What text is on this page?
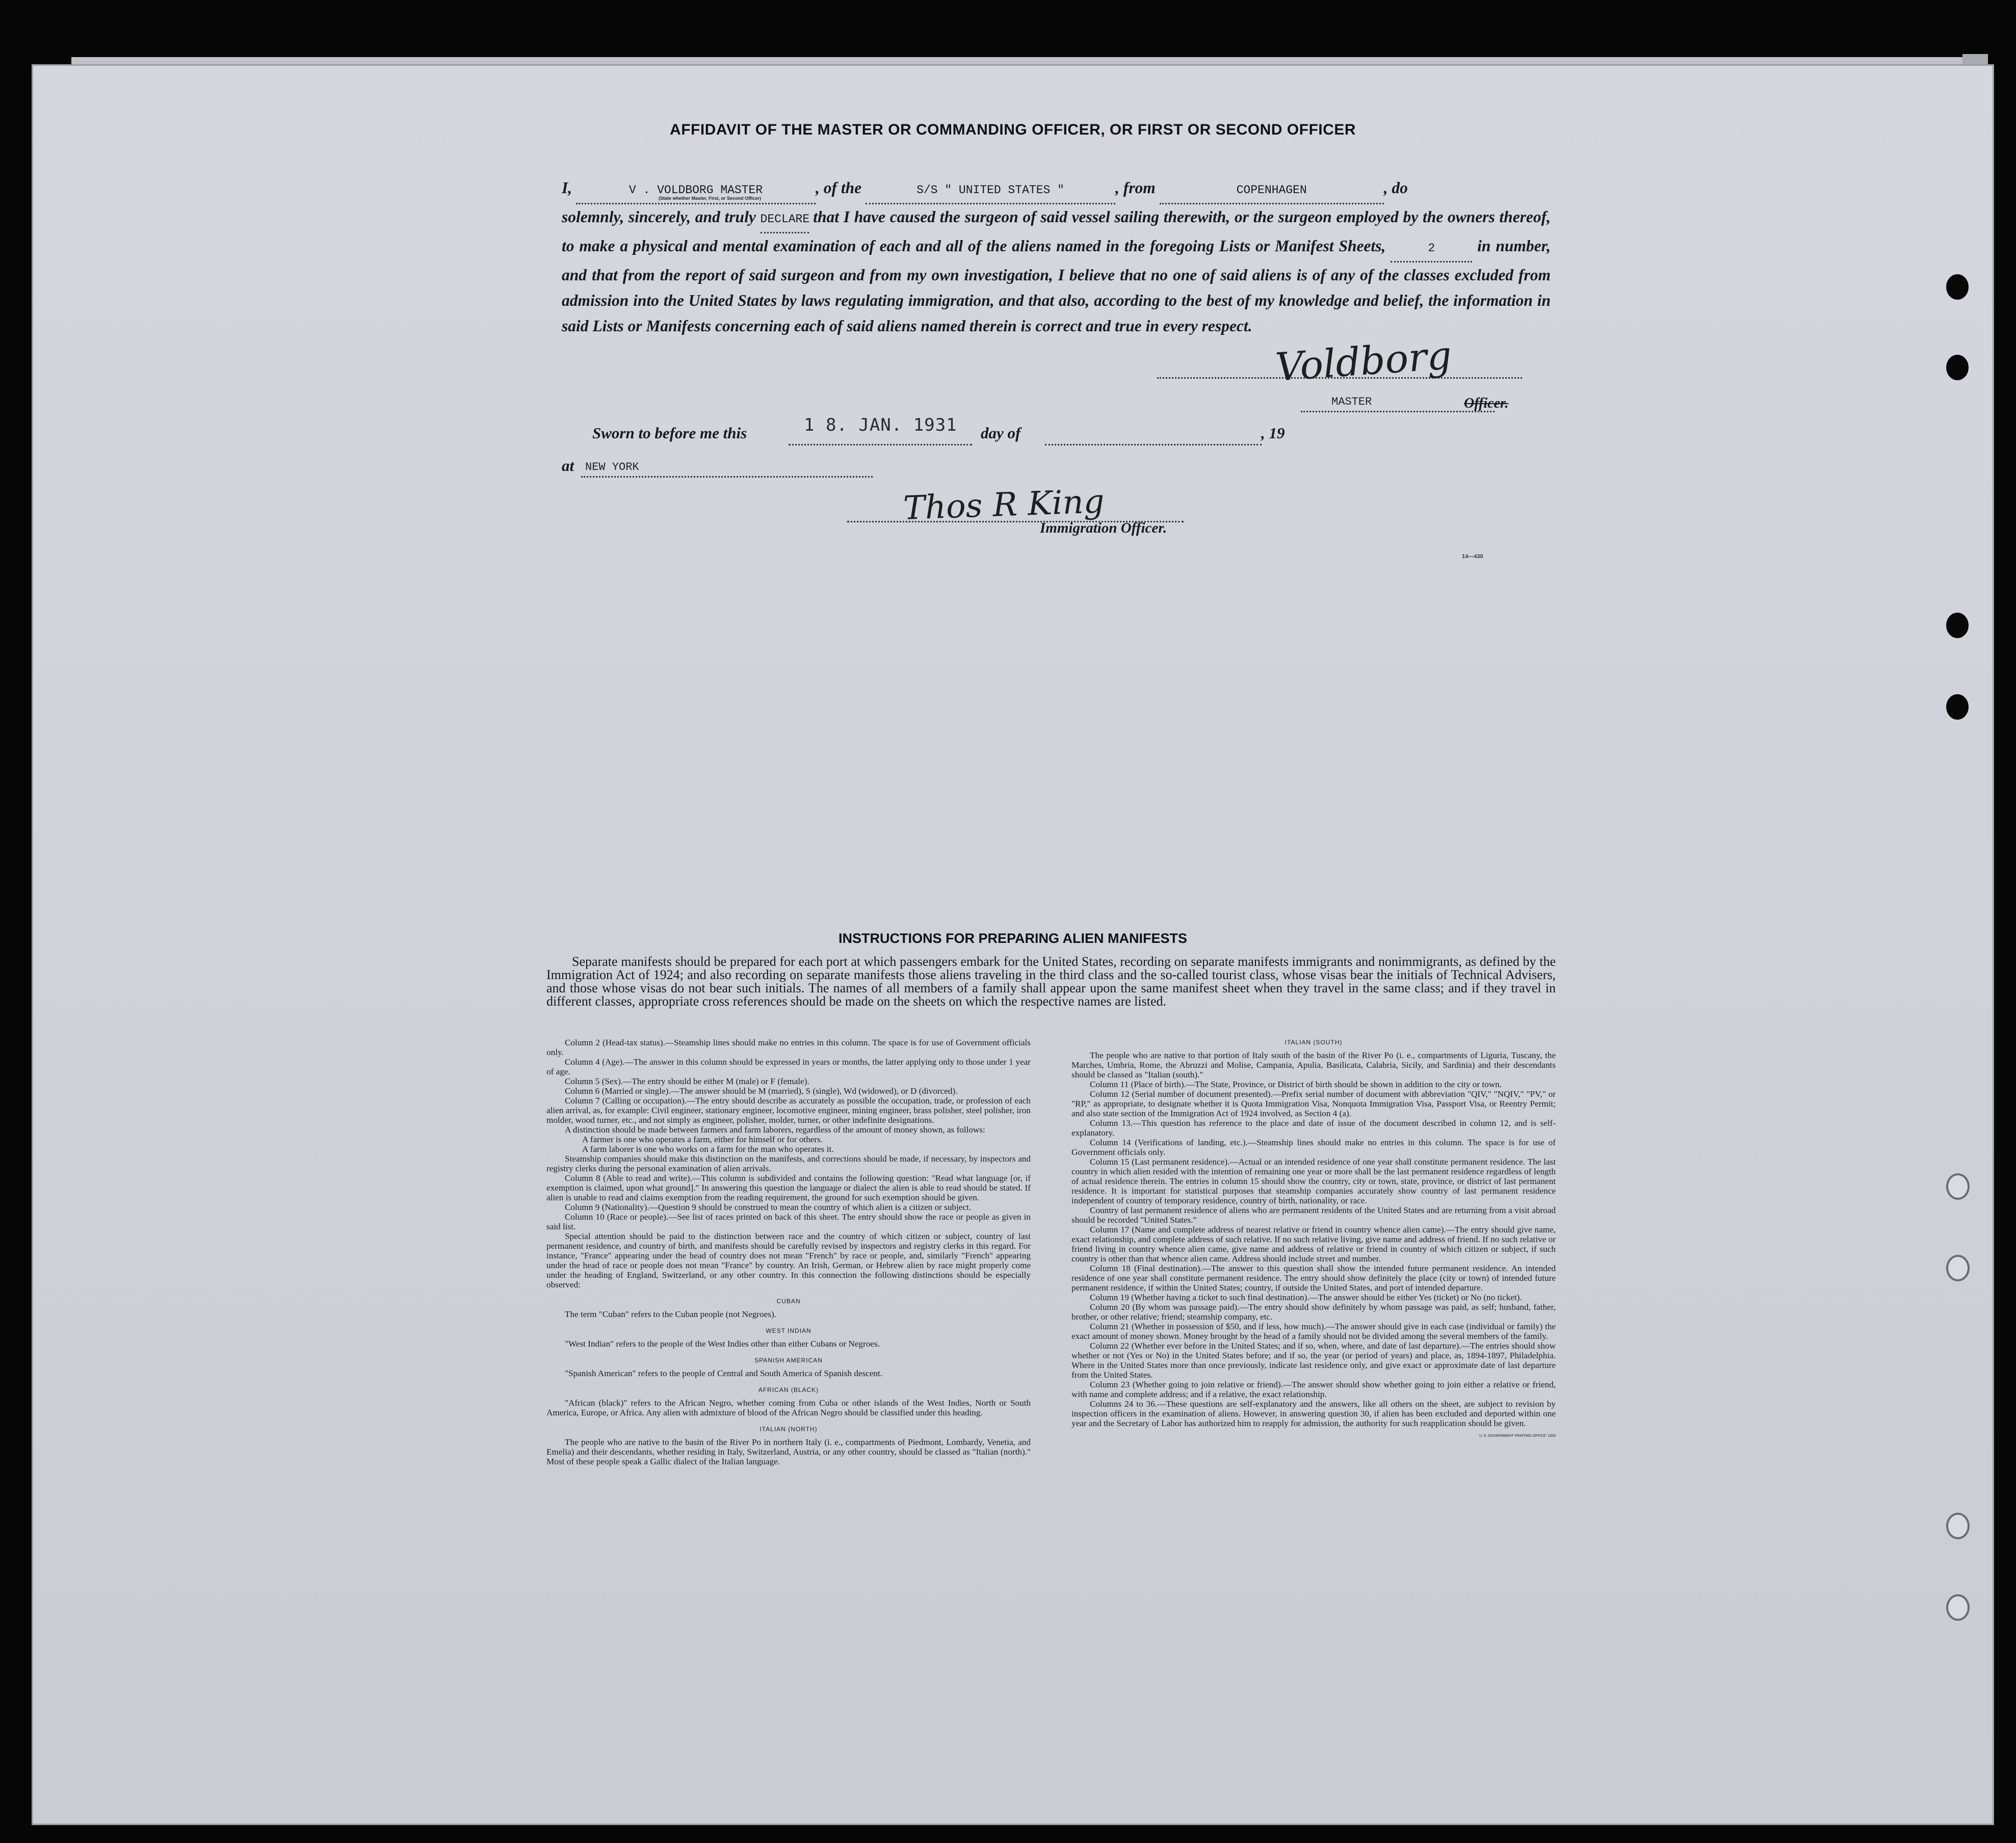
AFFIDAVIT OF THE MASTER OR COMMANDING OFFICER, OR FIRST OR SECOND OFFICER
I,	V . VOLDBORG MASTER	, of the	S/S " UNITED STATES "	, from	COPENHAGEN	, do
solemnly, sincerely, and truly DECLARE that I have caused the surgeon of said vessel sailing therewith, or the surgeon employed by the owners thereof, to make a physical and mental examination of each and all of the aliens named in the foregoing Lists or Manifest Sheets,	2	in number, and that from the report of said surgeon and from my own investigation, I believe that no one of said aliens is of any of the classes excluded from admission into the United States by laws regulating immigration, and that also, according to the best of my knowledge and belief, the information in said Lists or Manifests concerning each of said aliens named therein is correct and true in every respect.
(State whether Master, First, or Second Officer)
Voldborg
MASTER	Officer.
Sworn to before me this	1 8. JAN. 1931 day of	, 19
at NEW YORK
Thos R King
Immigration Officer.
14—430
INSTRUCTIONS FOR PREPARING ALIEN MANIFESTS
Separate manifests should be prepared for each port at which passengers embark for the United States, recording on separate manifests immigrants and nonimmigrants, as defined by the Immigration Act of 1924; and also recording on separate manifests those aliens traveling in the third class and the so-called tourist class, whose visas bear the initials of Technical Advisers, and those whose visas do not bear such initials. The names of all members of a family shall appear upon the same manifest sheet when they travel in the same class; and if they travel in different classes, appropriate cross references should be made on the sheets on which the respective names are listed.

Column 2 (Head-tax status).—Steamship lines should make no entries in this column. The space is for use of Government officials only.

Column 4 (Age).—The answer in this column should be expressed in years or months, the latter applying only to those under 1 year of age.

Column 5 (Sex).—The entry should be either M (male) or F (female).

Column 6 (Married or single).—The answer should be M (married), S (single), Wd (widowed), or D (divorced).

Column 7 (Calling or occupation).—The entry should describe as accurately as possible the occupation, trade, or profession of each alien arrival, as, for example: Civil engineer, stationary engineer, locomotive engineer, mining engineer, brass polisher, steel polisher, iron molder, wood turner, etc., and not simply as engineer, polisher, molder, turner, or other indefinite designations.

A distinction should be made between farmers and farm laborers, regardless of the amount of money shown, as follows:

A farmer is one who operates a farm, either for himself or for others.

A farm laborer is one who works on a farm for the man who operates it.

Steamship companies should make this distinction on the manifests, and corrections should be made, if necessary, by inspectors and registry clerks during the personal examination of alien arrivals.

Column 8 (Able to read and write).—This column is subdivided and contains the following question: "Read what language [or, if exemption is claimed, upon what ground]." In answering this question the language or dialect the alien is able to read should be stated. If alien is unable to read and claims exemption from the reading requirement, the ground for such exemption should be given.

Column 9 (Nationality).—Question 9 should be construed to mean the country of which alien is a citizen or subject.

Column 10 (Race or people).—See list of races printed on back of this sheet. The entry should show the race or people as given in said list.

Special attention should be paid to the distinction between race and the country of which citizen or subject, country of last permanent residence, and country of birth, and manifests should be carefully revised by inspectors and registry clerks in this regard. For instance, "France" appearing under the head of country does not mean "French" by race or people, and, similarly "French" appearing under the head of race or people does not mean "France" by country. An Irish, German, or Hebrew alien by race might properly come under the heading of England, Switzerland, or any other country. In this connection the following distinctions should be especially observed:

CUBAN

The term "Cuban" refers to the Cuban people (not Negroes).

WEST INDIAN

"West Indian" refers to the people of the West Indies other than either Cubans or Negroes.

SPANISH AMERICAN

"Spanish American" refers to the people of Central and South America of Spanish descent.

AFRICAN (BLACK)

"African (black)" refers to the African Negro, whether coming from Cuba or other islands of the West Indies, North or South America, Europe, or Africa. Any alien with admixture of blood of the African Negro should be classified under this heading.

ITALIAN (NORTH)

The people who are native to the basin of the River Po in northern Italy (i. e., compartments of Piedmont, Lombardy, Venetia, and Emelia) and their descendants, whether residing in Italy, Switzerland, Austria, or any other country, should be classed as "Italian (north)." Most of these people speak a Gallic dialect of the Italian language.

ITALIAN (SOUTH)

The people who are native to that portion of Italy south of the basin of the River Po (i. e., compartments of Liguria, Tuscany, the Marches, Umbria, Rome, the Abruzzi and Molise, Campania, Apulia, Basilicata, Calabria, Sicily, and Sardinia) and their descendants should be classed as "Italian (south)."

Column 11 (Place of birth).—The State, Province, or District of birth should be shown in addition to the city or town.

Column 12 (Serial number of document presented).—Prefix serial number of document with abbreviation "QIV," "NQIV," "PV," or "RP," as appropriate, to designate whether it is Quota Immigration Visa, Nonquota Immigration Visa, Passport Visa, or Reentry Permit; and also state section of the Immigration Act of 1924 involved, as Section 4 (a).

Column 13.—This question has reference to the place and date of issue of the document described in column 12, and is self-explanatory.

Column 14 (Verifications of landing, etc.).—Steamship lines should make no entries in this column. The space is for use of Government officials only.

Column 15 (Last permanent residence).—Actual or an intended residence of one year shall constitute permanent residence. The last country in which alien resided with the intention of remaining one year or more shall be the last permanent residence regardless of length of actual residence therein. The entries in column 15 should show the country, city or town, state, province, or district of last permanent residence. It is important for statistical purposes that steamship companies accurately show country of last permanent residence independent of country of temporary residence, country of birth, nationality, or race.

Country of last permanent residence of aliens who are permanent residents of the United States and are returning from a visit abroad should be recorded "United States."

Column 17 (Name and complete address of nearest relative or friend in country whence alien came).—The entry should give name, exact relationship, and complete address of such relative. If no such relative living, give name and address of friend. If no such relative or friend living in country whence alien came, give name and address of relative or friend in country of which citizen or subject, if such country is other than that whence alien came. Address should include street and number.

Column 18 (Final destination).—The answer to this question shall show the intended future permanent residence. An intended residence of one year shall constitute permanent residence. The entry should show definitely the place (city or town) of intended future permanent residence, if within the United States; country, if outside the United States, and port of intended departure.

Column 19 (Whether having a ticket to such final destination).—The answer should be either Yes (ticket) or No (no ticket).

Column 20 (By whom was passage paid).—The entry should show definitely by whom passage was paid, as self; husband, father, brother, or other relative; friend; steamship company, etc.

Column 21 (Whether in possession of $50, and if less, how much).—The answer should give in each case (individual or family) the exact amount of money shown. Money brought by the head of a family should not be divided among the several members of the family.

Column 22 (Whether ever before in the United States; and if so, when, where, and date of last departure).—The entries should show whether or not (Yes or No) in the United States before; and if so, the year (or period of years) and place, as, 1894-1897, Philadelphia. Where in the United States more than once previously, indicate last residence only, and give exact or approximate date of last departure from the United States.

Column 23 (Whether going to join relative or friend).—The answer should show whether going to join either a relative or friend, with name and complete address; and if a relative, the exact relationship.

Columns 24 to 36.—These questions are self-explanatory and the answers, like all others on the sheet, are subject to revision by inspection officers in the examination of aliens. However, in answering question 30, if alien has been excluded and deported within one year and the Secretary of Labor has authorized him to reapply for admission, the authority for such reapplication should be given.

U. S. GOVERNMENT PRINTING OFFICE: 1930
